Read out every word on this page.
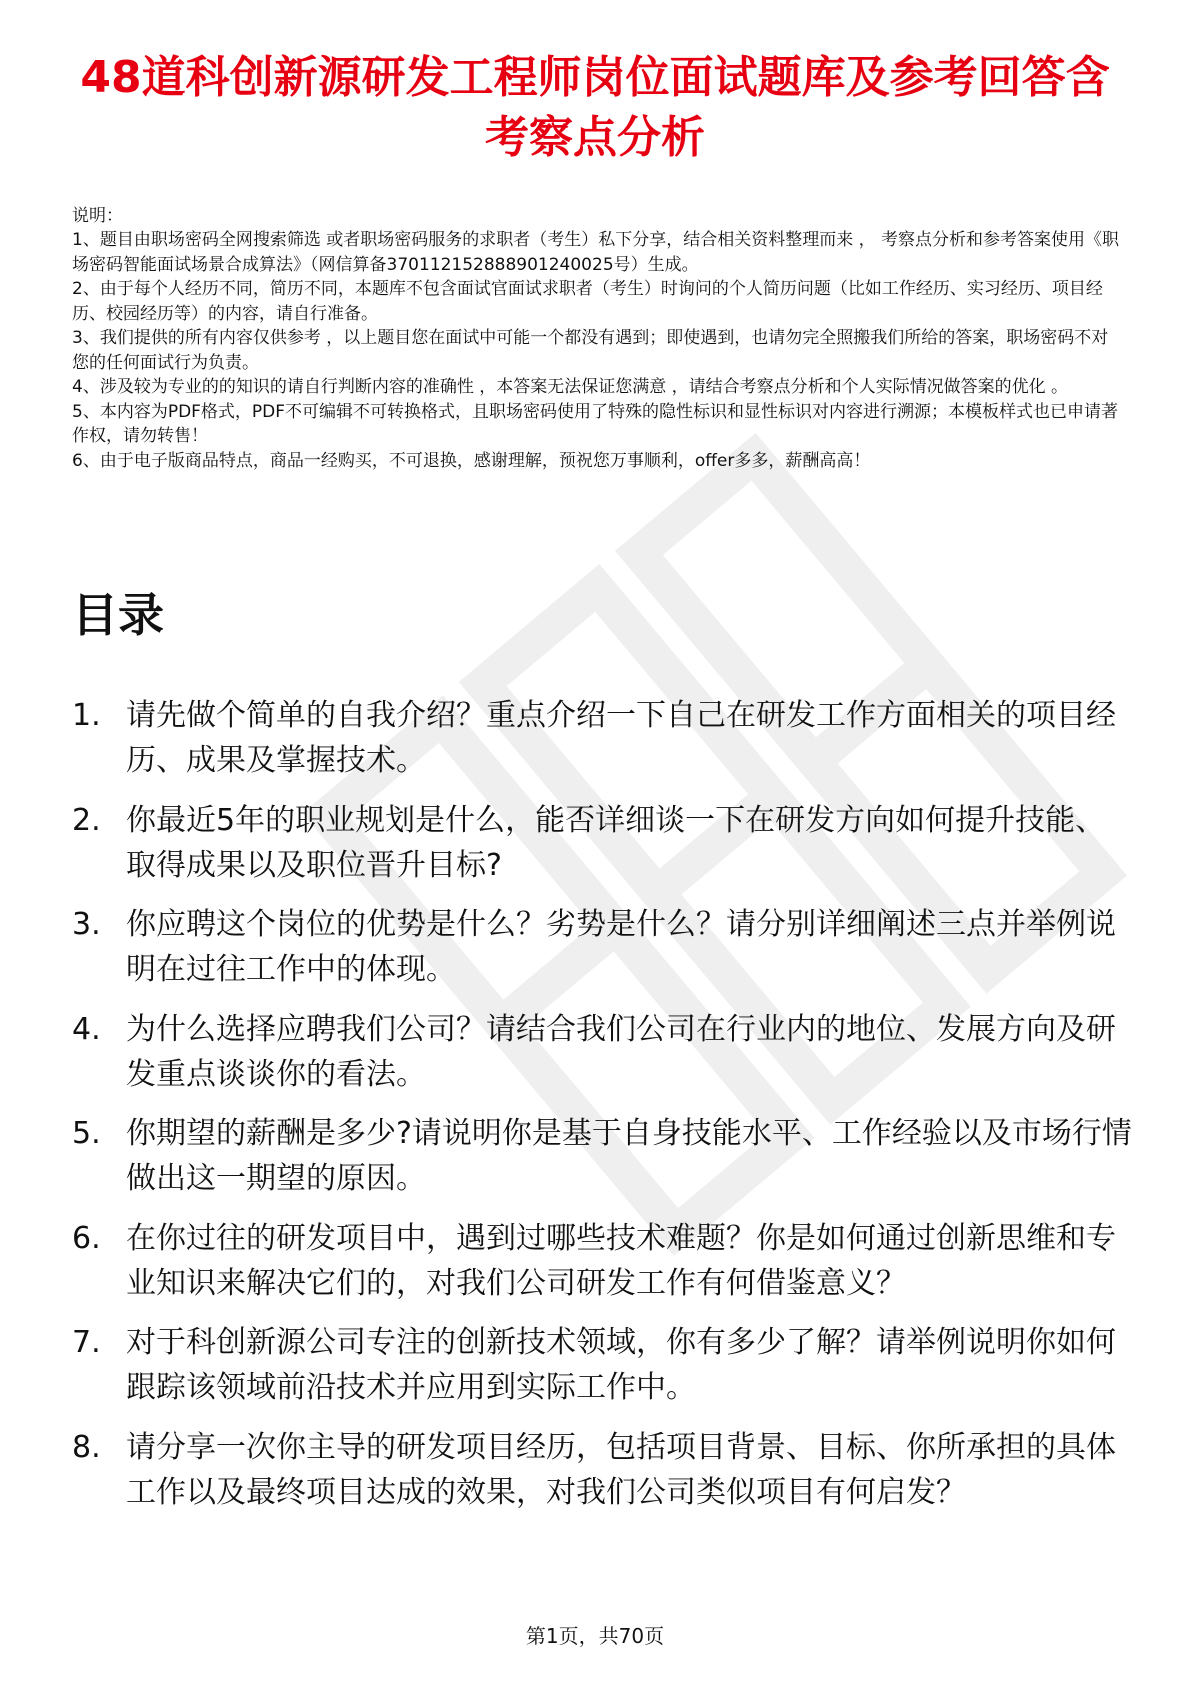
48道科创新源研发工程师岗位面试题库及参考回答含考察点分析
说明：

1、题目由职场密码全网搜索筛选 或者职场密码服务的求职者（考生）私下分享，结合相关资料整理而来 ， 考察点分析和参考答案使用《职场密码智能面试场景合成算法》（网信算备370112152888901240025号）生成。

2、由于每个人经历不同，简历不同，本题库不包含面试官面试求职者（考生）时询问的个人简历问题（比如工作经历、实习经历、项目经历、校园经历等）的内容，请自行准备。

3、我们提供的所有内容仅供参考 ，以上题目您在面试中可能一个都没有遇到；即使遇到，也请勿完全照搬我们所给的答案，职场密码不对您的任何面试行为负责。

4、涉及较为专业的的知识的请自行判断内容的准确性 ，本答案无法保证您满意 ，请结合考察点分析和个人实际情况做答案的优化 。

5、本内容为PDF格式，PDF不可编辑不可转换格式，且职场密码使用了特殊的隐性标识和显性标识对内容进行溯源；本模板样式也已申请著作权，请勿转售！

6、由于电子版商品特点，商品一经购买，不可退换，感谢理解，预祝您万事顺利，offer多多，薪酬高高！

目录
1. 请先做个简单的自我介绍？重点介绍一下自己在研发工作方面相关的项目经历、成果及掌握技术。
2. 你最近5年的职业规划是什么，能否详细谈一下在研发方向如何提升技能、取得成果以及职位晋升目标?
3. 你应聘这个岗位的优势是什么？劣势是什么？请分别详细阐述三点并举例说明在过往工作中的体现。
4. 为什么选择应聘我们公司？请结合我们公司在行业内的地位、发展方向及研发重点谈谈你的看法。
5. 你期望的薪酬是多少?请说明你是基于自身技能水平、工作经验以及市场行情做出这一期望的原因。
6. 在你过往的研发项目中，遇到过哪些技术难题？你是如何通过创新思维和专业知识来解决它们的，对我们公司研发工作有何借鉴意义？
7. 对于科创新源公司专注的创新技术领域，你有多少了解？请举例说明你如何跟踪该领域前沿技术并应用到实际工作中。
8. 请分享一次你主导的研发项目经历，包括项目背景、目标、你所承担的具体工作以及最终项目达成的效果，对我们公司类似项目有何启发？
第1页，共70页
